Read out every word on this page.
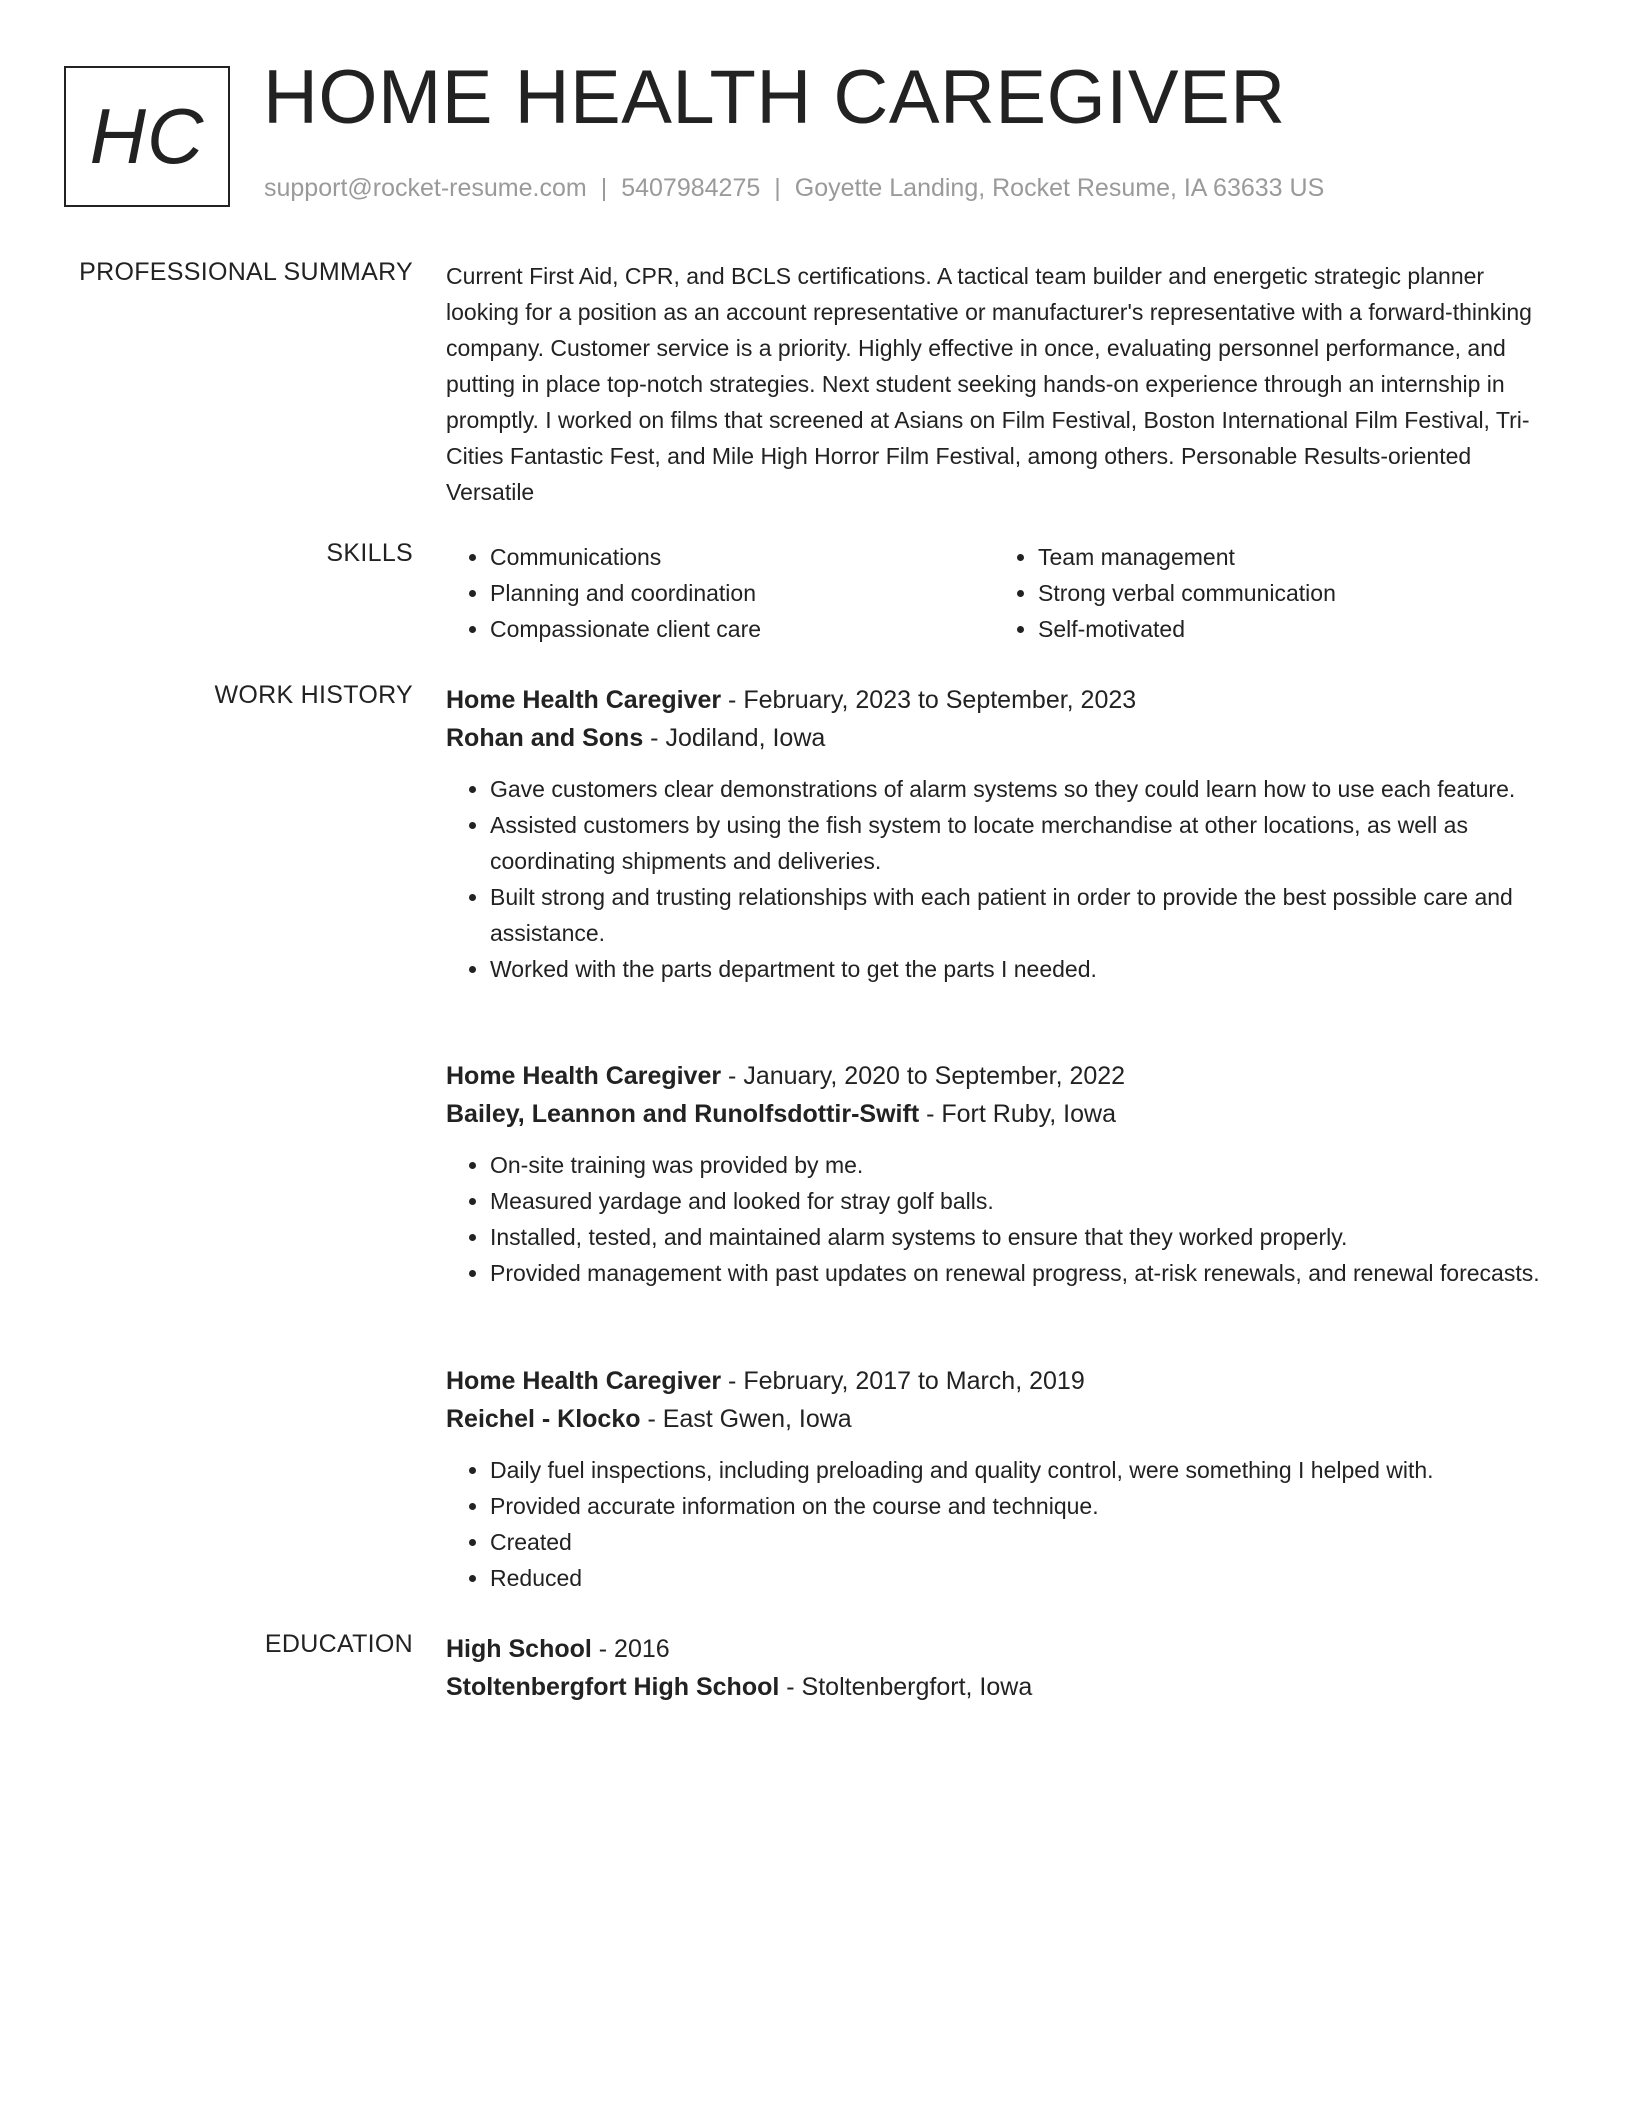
HC HOME HEALTH CAREGIVER
support@rocket-resume.com | 5407984275 | Goyette Landing, Rocket Resume, IA 63633 US
PROFESSIONAL SUMMARY Current First Aid, CPR, and BCLS certifications. A tactical team builder and energetic strategic planner looking for a position as an account representative or manufacturer's representative with a forward-thinking company. Customer service is a priority. Highly effective in once, evaluating personnel performance, and putting in place top-notch strategies. Next student seeking hands-on experience through an internship in promptly. I worked on films that screened at Asians on Film Festival, Boston International Film Festival, Tri-Cities Fantastic Fest, and Mile High Horror Film Festival, among others. Personable Results-oriented Versatile

SKILLS
•	Communications
• Planning and coordination
• Compassionate client care
• Team management
• Strong verbal communication
• Self-motivated
WORK HISTORY Home Health Caregiver - February, 2023 to September, 2023
Rohan and Sons - Jodiland, Iowa
• Gave customers clear demonstrations of alarm systems so they could learn how to use each feature.
• Assisted customers by using the fish system to locate merchandise at other locations, as well as coordinating shipments and deliveries.
• Built strong and trusting relationships with each patient in order to provide the best possible care and assistance.
• Worked with the parts department to get the parts I needed.
Home Health Caregiver - January, 2020 to September, 2022
Bailey, Leannon and Runolfsdottir-Swift - Fort Ruby, Iowa
• On-site training was provided by me.
• Measured yardage and looked for stray golf balls.
• Installed, tested, and maintained alarm systems to ensure that they worked properly.
• Provided management with past updates on renewal progress, at-risk renewals, and renewal forecasts.
Home Health Caregiver - February, 2017 to March, 2019
Reichel - Klocko - East Gwen, Iowa
• Daily fuel inspections, including preloading and quality control, were something I helped with.
• Provided accurate information on the course and technique.
• Created
• Reduced
EDUCATION High School - 2016
Stoltenbergfort High School - Stoltenbergfort, Iowa
